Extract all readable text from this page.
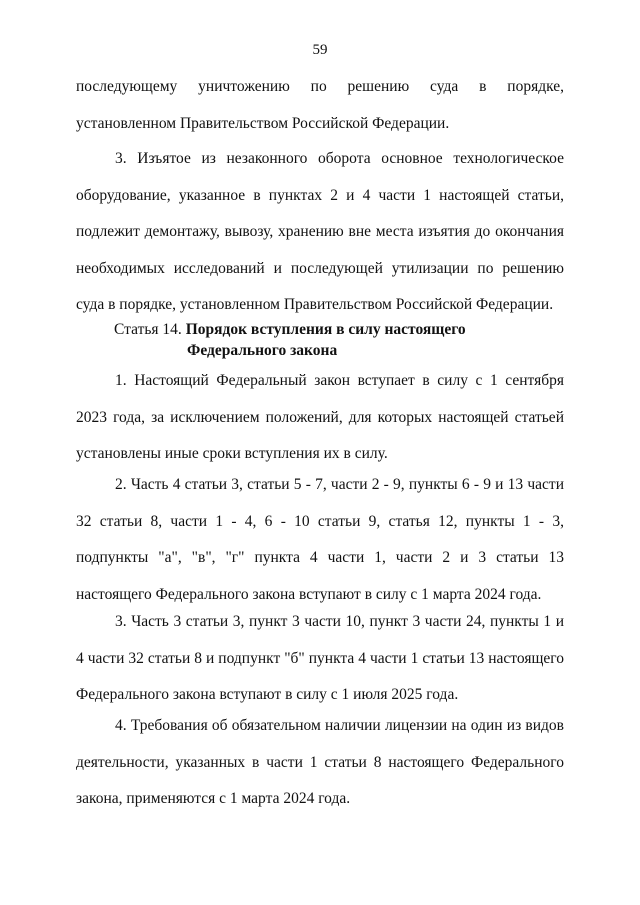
59

последующему уничтожению по решению суда в порядке, установленном Правительством Российской Федерации.

3. Изъятое из незаконного оборота основное технологическое оборудование, указанное в пунктах 2 и 4 части 1 настоящей статьи, подлежит демонтажу, вывозу, хранению вне места изъятия до окончания необходимых исследований и последующей утилизации по решению суда в порядке, установленном Правительством Российской Федерации.

Статья 14. Порядок вступления в силу настоящего
Федерального закона

1. Настоящий Федеральный закон вступает в силу с 1 сентября 2023 года, за исключением положений, для которых настоящей статьей установлены иные сроки вступления их в силу.

2. Часть 4 статьи 3, статьи 5 - 7, части 2 - 9, пункты 6 - 9 и 13 части 32 статьи 8, части 1 - 4, 6 - 10 статьи 9, статья 12, пункты 1 - 3, подпункты "а", "в", "г" пункта 4 части 1, части 2 и 3 статьи 13 настоящего Федерального закона вступают в силу с 1 марта 2024 года.

3. Часть 3 статьи 3, пункт 3 части 10, пункт 3 части 24, пункты 1 и 4 части 32 статьи 8 и подпункт "б" пункта 4 части 1 статьи 13 настоящего Федерального закона вступают в силу с 1 июля 2025 года.

4. Требования об обязательном наличии лицензии на один из видов деятельности, указанных в части 1 статьи 8 настоящего Федерального закона, применяются с 1 марта 2024 года.
